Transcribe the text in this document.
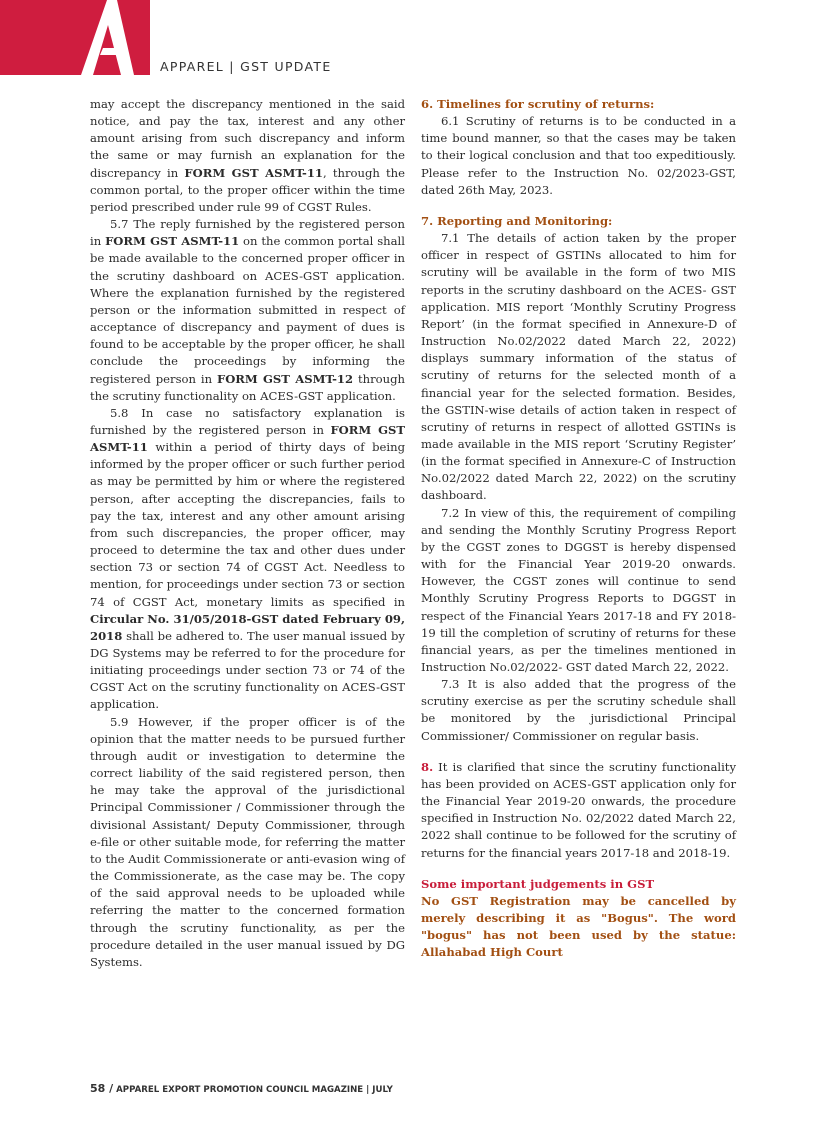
APPAREL | GST UPDATE

may accept the discrepancy mentioned in the said notice, and pay the tax, interest and any other amount arising from such discrepancy and inform the same or may furnish an explanation for the discrepancy in FORM GST ASMT-11, through the common portal, to the proper officer within the time period prescribed under rule 99 of CGST Rules.

5.7 The reply furnished by the registered person in FORM GST ASMT-11 on the common portal shall be made available to the concerned proper officer in the scrutiny dashboard on ACES-GST application. Where the explanation furnished by the registered person or the information submitted in respect of acceptance of discrepancy and payment of dues is found to be acceptable by the proper officer, he shall conclude the proceedings by informing the registered person in FORM GST ASMT-12 through the scrutiny functionality on ACES-GST application.

5.8 In case no satisfactory explanation is furnished by the registered person in FORM GST ASMT-11 within a period of thirty days of being informed by the proper officer or such further period as may be permitted by him or where the registered person, after accepting the discrepancies, fails to pay the tax, interest and any other amount arising from such discrepancies, the proper officer, may proceed to determine the tax and other dues under section 73 or section 74 of CGST Act. Needless to mention, for proceedings under section 73 or section 74 of CGST Act, monetary limits as specified in Circular No. 31/05/2018-GST dated February 09, 2018 shall be adhered to. The user manual issued by DG Systems may be referred to for the procedure for initiating proceedings under section 73 or 74 of the CGST Act on the scrutiny functionality on ACES-GST application.

5.9 However, if the proper officer is of the opinion that the matter needs to be pursued further through audit or investigation to determine the correct liability of the said registered person, then he may take the approval of the jurisdictional Principal Commissioner / Commissioner through the divisional Assistant/ Deputy Commissioner, through e-file or other suitable mode, for referring the matter to the Audit Commissionerate or anti-evasion wing of the Commissionerate, as the case may be. The copy of the said approval needs to be uploaded while referring the matter to the concerned formation through the scrutiny functionality, as per the procedure detailed in the user manual issued by DG Systems.

6. Timelines for scrutiny of returns:

6.1 Scrutiny of returns is to be conducted in a time bound manner, so that the cases may be taken to their logical conclusion and that too expeditiously. Please refer to the Instruction No. 02/2023-GST, dated 26th May, 2023.

7. Reporting and Monitoring:

7.1 The details of action taken by the proper officer in respect of GSTINs allocated to him for scrutiny will be available in the form of two MIS reports in the scrutiny dashboard on the ACES- GST application. MIS report ‘Monthly Scrutiny Progress Report’ (in the format specified in Annexure-D of Instruction No.02/2022 dated March 22, 2022) displays summary information of the status of scrutiny of returns for the selected month of a financial year for the selected formation. Besides, the GSTIN-wise details of action taken in respect of scrutiny of returns in respect of allotted GSTINs is made available in the MIS report ‘Scrutiny Register’ (in the format specified in Annexure-C of Instruction No.02/2022 dated March 22, 2022) on the scrutiny dashboard.

7.2 In view of this, the requirement of compiling and sending the Monthly Scrutiny Progress Report by the CGST zones to DGGST is hereby dispensed with for the Financial Year 2019-20 onwards. However, the CGST zones will continue to send Monthly Scrutiny Progress Reports to DGGST in respect of the Financial Years 2017-18 and FY 2018-19 till the completion of scrutiny of returns for these financial years, as per the timelines mentioned in Instruction No.02/2022- GST dated March 22, 2022.

7.3 It is also added that the progress of the scrutiny exercise as per the scrutiny schedule shall be monitored by the jurisdictional Principal Commissioner/ Commissioner on regular basis.

8. It is clarified that since the scrutiny functionality has been provided on ACES-GST application only for the Financial Year 2019-20 onwards, the procedure specified in Instruction No. 02/2022 dated March 22, 2022 shall continue to be followed for the scrutiny of returns for the financial years 2017-18 and 2018-19.

Some important judgements in GST

No GST Registration may be cancelled by merely describing it as "Bogus". The word "bogus" has not been used by the statue: Allahabad High Court

58 / APPAREL EXPORT PROMOTION COUNCIL MAGAZINE | JULY
